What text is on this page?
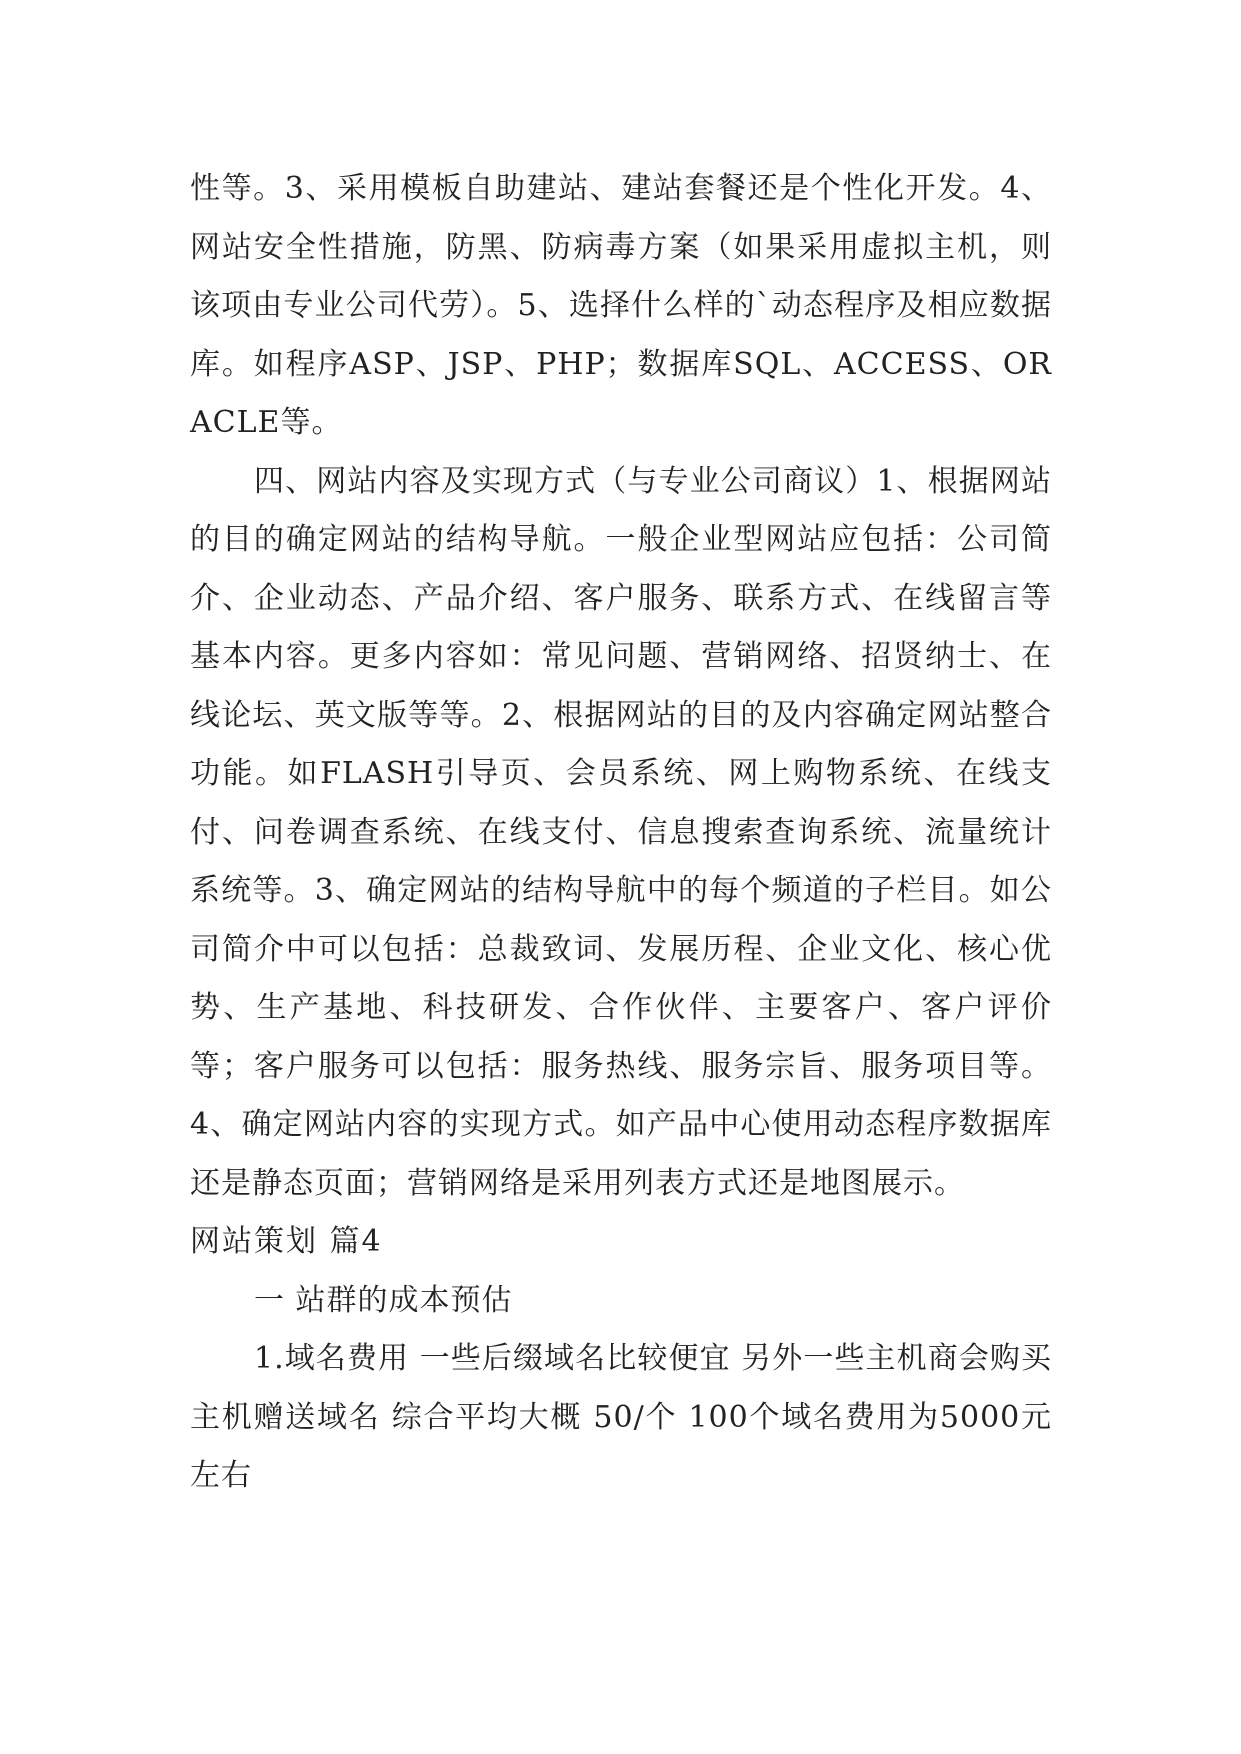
性等。3、采用模板自助建站、建站套餐还是个性化开发。4、网站安全性措施，防黑、防病毒方案（如果采用虚拟主机，则该项由专业公司代劳）。5、选择什么样的`动态程序及相应数据库。如程序ASP、JSP、PHP；数据库SQL、ACCESS、ORACLE等。

四、网站内容及实现方式（与专业公司商议）1、根据网站的目的确定网站的结构导航。一般企业型网站应包括：公司简介、企业动态、产品介绍、客户服务、联系方式、在线留言等基本内容。更多内容如：常见问题、营销网络、招贤纳士、在线论坛、英文版等等。2、根据网站的目的及内容确定网站整合功能。如FLASH引导页、会员系统、网上购物系统、在线支付、问卷调查系统、在线支付、信息搜索查询系统、流量统计系统等。3、确定网站的结构导航中的每个频道的子栏目。如公司简介中可以包括：总裁致词、发展历程、企业文化、核心优势、生产基地、科技研发、合作伙伴、主要客户、客户评价等；客户服务可以包括：服务热线、服务宗旨、服务项目等。4、确定网站内容的实现方式。如产品中心使用动态程序数据库还是静态页面；营销网络是采用列表方式还是地图展示。

网站策划 篇4

一 站群的成本预估

1.域名费用 一些后缀域名比较便宜 另外一些主机商会购买主机赠送域名 综合平均大概 50/个 100个域名费用为5000元左右
